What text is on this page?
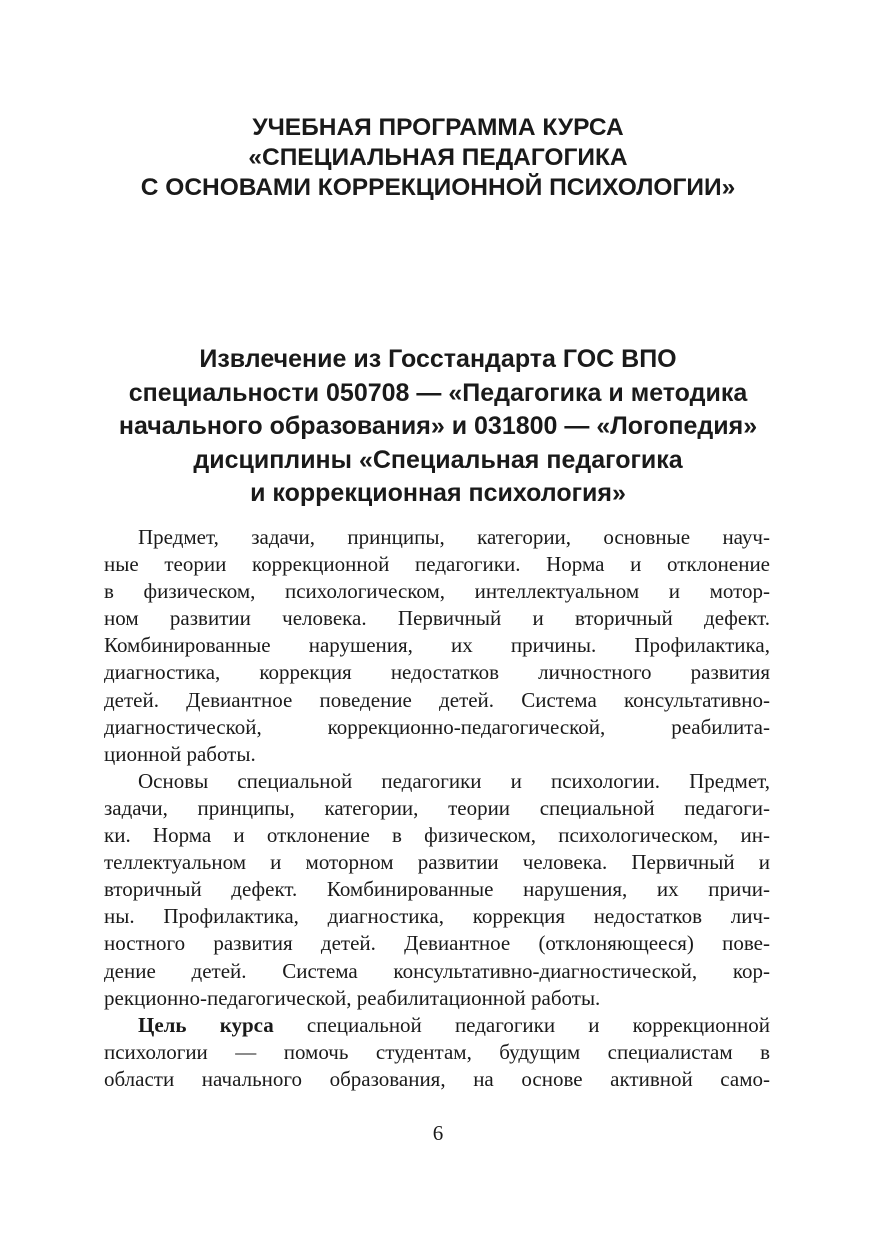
УЧЕБНАЯ ПРОГРАММА КУРСА
«СПЕЦИАЛЬНАЯ ПЕДАГОГИКА
С ОСНОВАМИ КОРРЕКЦИОННОЙ ПСИХОЛОГИИ»
Извлечение из Госстандарта ГОС ВПО
специальности 050708 — «Педагогика и методика
начального образования» и 031800 — «Логопедия»
дисциплины «Специальная педагогика
и коррекционная психология»
Предмет, задачи, принципы, категории, основные науч-
ные теории коррекционной педагогики. Норма и отклонение
в физическом, психологическом, интеллектуальном и мотор-
ном развитии человека. Первичный и вторичный дефект.
Комбинированные нарушения, их причины. Профилактика,
диагностика, коррекция недостатков личностного развития
детей. Девиантное поведение детей. Система консультативно-
диагностической, коррекционно-педагогической, реабилита-
ционной работы.
Основы специальной педагогики и психологии. Предмет,
задачи, принципы, категории, теории специальной педагоги-
ки. Норма и отклонение в физическом, психологическом, ин-
теллектуальном и моторном развитии человека. Первичный и
вторичный дефект. Комбинированные нарушения, их причи-
ны. Профилактика, диагностика, коррекция недостатков лич-
ностного развития детей. Девиантное (отклоняющееся) пове-
дение детей. Система консультативно-диагностической, кор-
рекционно-педагогической, реабилитационной работы.
Цель курса специальной педагогики и коррекционной
психологии — помочь студентам, будущим специалистам в
области начального образования, на основе активной само-
6
